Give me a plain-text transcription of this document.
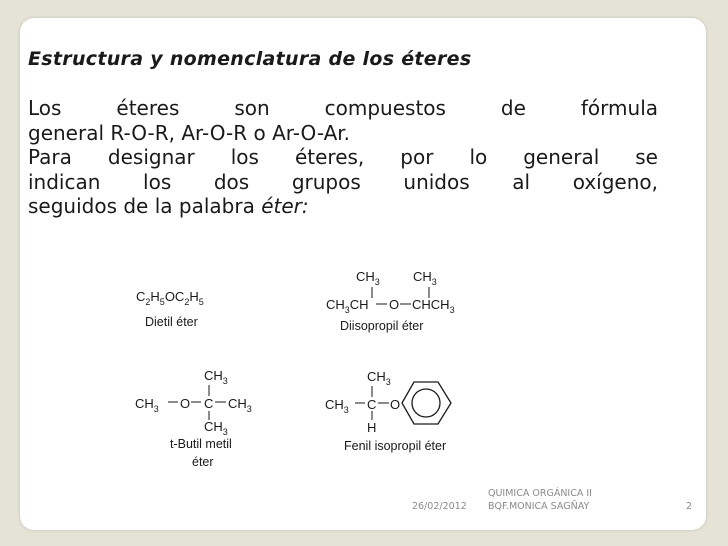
Estructura y nomenclatura de los éteres
Los éteres son compuestos de fórmula
general R-O-R, Ar-O-R o Ar-O-Ar.
Para designar los éteres, por lo general se
indican los dos grupos unidos al oxígeno,
seguidos de la palabra éter:
$C_2H_5OC_2H_5$
Dietil éter
$CH_3$	$CH_3$
$CH_3CH$ O $CHCH_3$
Diisopropil éter
$CH_3$
$CH_3$ O C $CH_3$
$CH_3$
t-Butil metil
éter
$CH_3$
$CH_3$ C O
H
Fenil isopropil éter
26/02/2012
QUIMICA ORGÁNICA II
BQF.MONICA SAGÑAY	2
